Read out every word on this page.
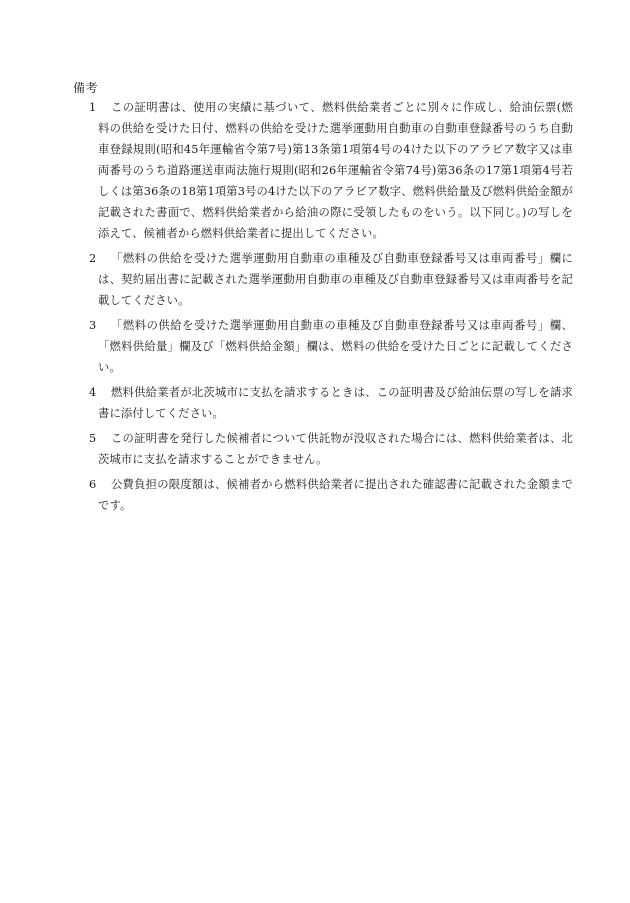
備考
1	この証明書は、使用の実績に基づいて、燃料供給業者ごとに別々に作成し、給油伝票(燃料の供給を受けた日付、燃料の供給を受けた選挙運動用自動車の自動車登録番号のうち自動車登録規則(昭和45年運輸省令第7号)第13条第1項第4号の4けた以下のアラビア数字又は車両番号のうち道路運送車両法施行規則(昭和26年運輸省令第74号)第36条の17第1項第4号若しくは第36条の18第1項第3号の4けた以下のアラビア数字、燃料供給量及び燃料供給金額が記載された書面で、燃料供給業者から給油の際に受領したものをいう。以下同じ。)の写しを添えて、候補者から燃料供給業者に提出してください。
2	「燃料の供給を受けた選挙運動用自動車の車種及び自動車登録番号又は車両番号」欄には、契約届出書に記載された選挙運動用自動車の車種及び自動車登録番号又は車両番号を記載してください。
3	「燃料の供給を受けた選挙運動用自動車の車種及び自動車登録番号又は車両番号」欄、「燃料供給量」欄及び「燃料供給金額」欄は、燃料の供給を受けた日ごとに記載してください。
4	燃料供給業者が北茨城市に支払を請求するときは、この証明書及び給油伝票の写しを請求書に添付してください。
5	この証明書を発行した候補者について供託物が没収された場合には、燃料供給業者は、北茨城市に支払を請求することができません。
6	公費負担の限度額は、候補者から燃料供給業者に提出された確認書に記載された金額までです。
